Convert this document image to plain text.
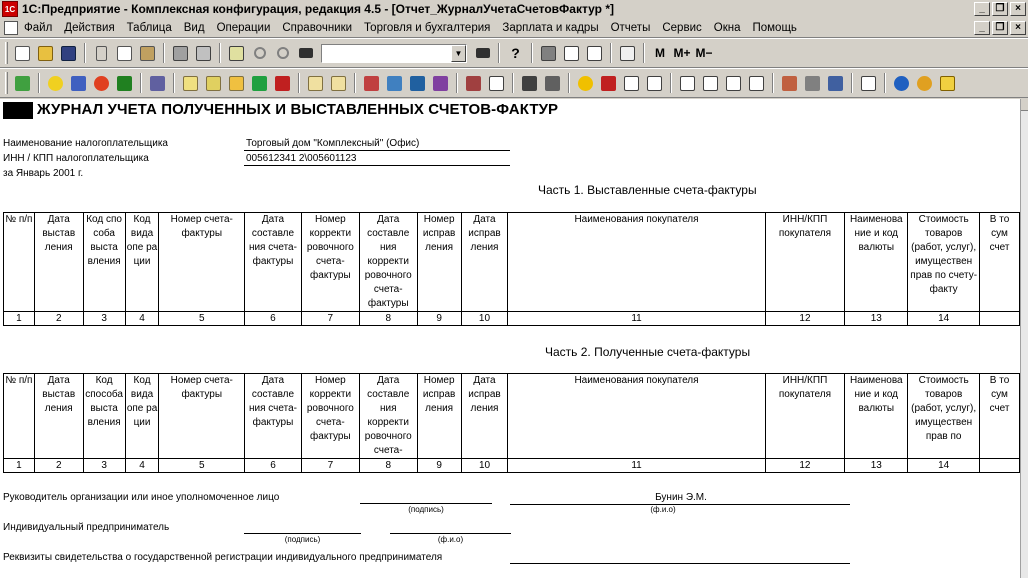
1C 1С:Предприятие - Комплексная конфигурация, редакция 4.5 - [Отчет_ЖурналУчетаСчетовФактур *]	_	❐	×
Файл	Действия	Таблица	Вид	Операции	Справочники	Торговля и бухгалтерия	Зарплата и кадры	Отчеты	Сервис	Окна	Помощь	_	❐	×
▼	?	M M+ M−
ЖУРНАЛ УЧЕТА ПОЛУЧЕННЫХ И ВЫСТАВЛЕННЫХ СЧЕТОВ-ФАКТУР
Наименование налогоплательщика	Торговый дом "Комплексный" (Офис)
ИНН / КПП налогоплательщика	005612341 2\005601123
за Январь 2001 г.
Часть 1. Выставленные счета-фактуры
№ п/п	Дата выстав ления	Код спо соба выста вления	Код вида опе ра ции	Номер счета-фактуры	Дата составле ния счета-фактуры	Номер корректи ровочного счета-фактуры	Дата составле ния корректи ровочного счета-фактуры	Номер исправ ления	Дата исправ ления	Наименования покупателя	ИНН/КПП покупателя	Наименова ние и код валюты	Стоимость товаров (работ, услуг), имуществен прав по счету-факту	В то сум счет
1	2	3	4	5	6	7	8	9	10	11	12	13	14	
Часть 2. Полученные счета-фактуры
№ п/п	Дата выстав ления	Код способа выста вления	Код вида опе ра ции	Номер счета-фактуры	Дата составле ния счета-фактуры	Номер корректи ровочного счета-фактуры	Дата составле ния корректи ровочного счета-	Номер исправ ления	Дата исправ ления	Наименования покупателя	ИНН/КПП покупателя	Наименова ние и код валюты	Стоимость товаров (работ, услуг), имуществен прав по	В то сум счет
1	2	3	4	5	6	7	8	9	10	11	12	13	14	
Руководитель организации или иное уполномоченное лицо
(подпись)
Бунин Э.М.
(ф.и.о)
Индивидуальный предприниматель
(подпись)	(ф.и.о)
Реквизиты свидетельства о государственной регистрации индивидуального предпринимателя
